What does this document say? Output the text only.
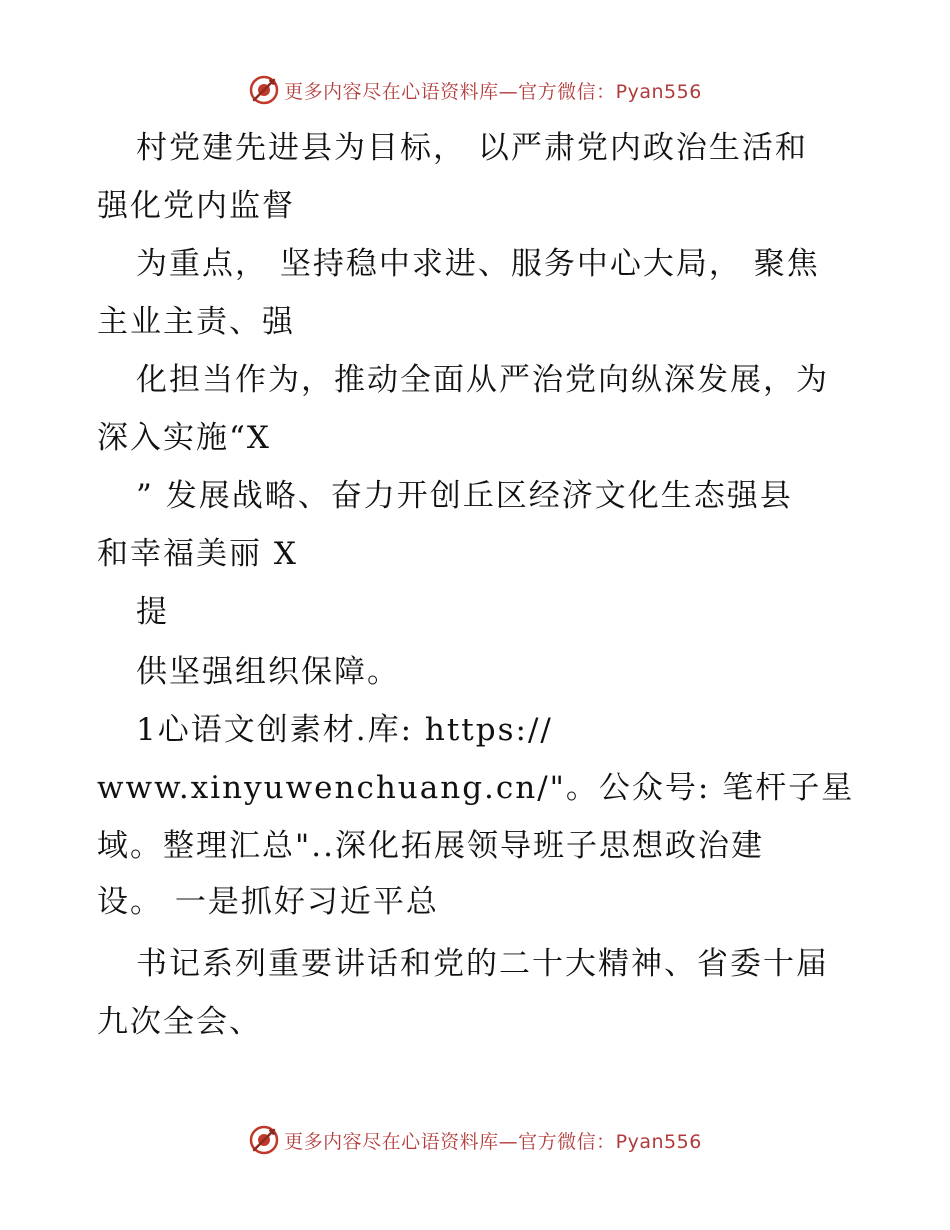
更多内容尽在心语资料库—官方微信：Pyan556
村党建先进县为目标， 以严肃党内政治生活和
强化党内监督
为重点， 坚持稳中求进、服务中心大局， 聚焦
主业主责、强
化担当作为，推动全面从严治党向纵深发展，为
深入实施“X
” 发展战略、奋力开创丘区经济文化生态强县
和幸福美丽 X
提
供坚强组织保障。
1心语文创素材.库: https://
www.xinyuwenchuang.cn/"。公众号: 笔杆子星
域。整理汇总"..深化拓展领导班子思想政治建
设。 一是抓好习近平总
书记系列重要讲话和党的二十大精神、省委十届
九次全会、
更多内容尽在心语资料库—官方微信：Pyan556
